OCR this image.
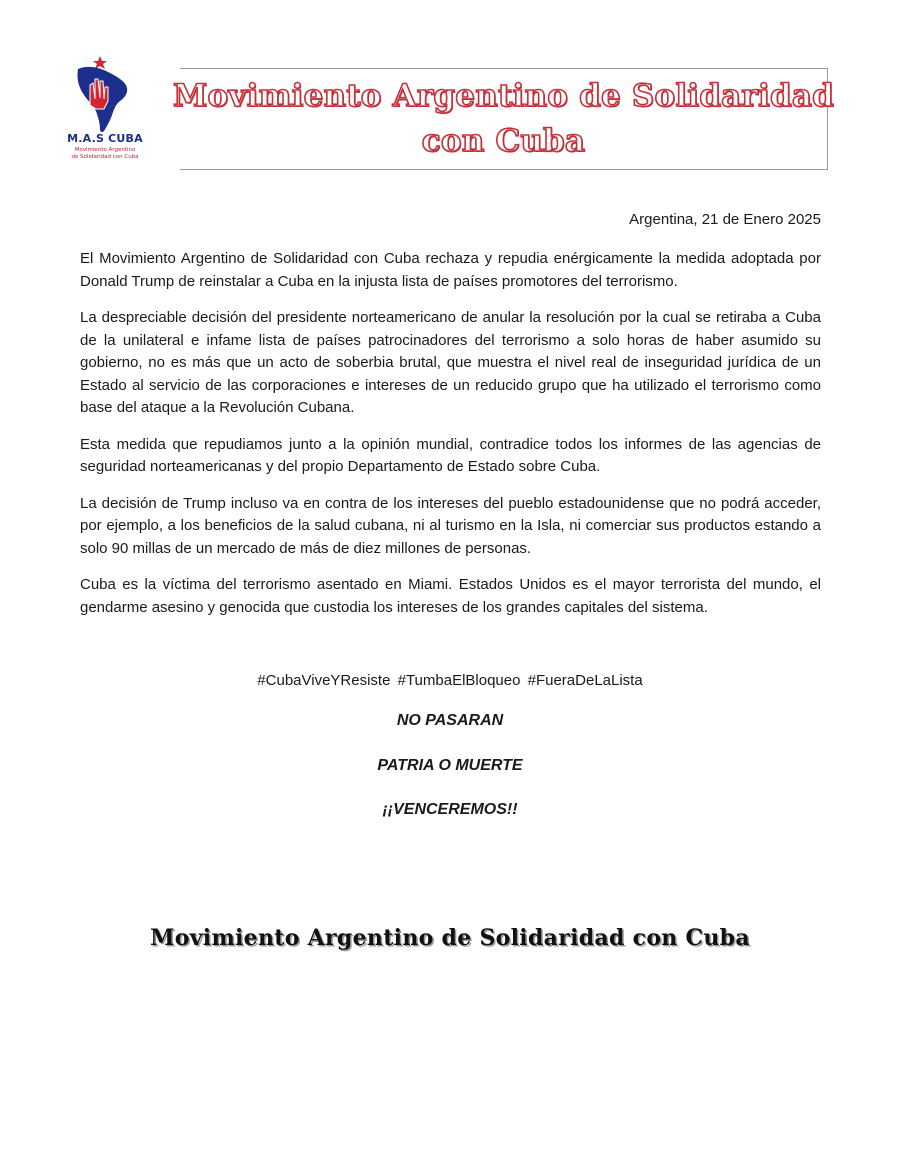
M.A.S CUBA
Movimiento Argentino
de Solidaridad con Cuba
Movimiento Argentino de Solidaridad
con Cuba
Argentina, 21 de Enero 2025

El Movimiento Argentino de Solidaridad con Cuba rechaza y repudia enérgicamente la medida adoptada por Donald Trump de reinstalar a Cuba en la injusta lista de países promotores del terrorismo.

La despreciable decisión del presidente norteamericano de anular la resolución por la cual se retiraba a Cuba de la unilateral e infame lista de países patrocinadores del terrorismo a solo horas de haber asumido su gobierno, no es más que un acto de soberbia brutal, que muestra el nivel real de inseguridad jurídica de un Estado al servicio de las corporaciones e intereses de un reducido grupo que ha utilizado el terrorismo como base del ataque a la Revolución Cubana.

Esta medida que repudiamos junto a la opinión mundial, contradice todos los informes de las agencias de seguridad norteamericanas y del propio Departamento de Estado sobre Cuba.

La decisión de Trump incluso va en contra de los intereses del pueblo estadounidense que no podrá acceder, por ejemplo, a los beneficios de la salud cubana, ni al turismo en la Isla, ni comerciar sus productos estando a solo 90 millas de un mercado de más de diez millones de personas.

Cuba es la víctima del terrorismo asentado en Miami. Estados Unidos es el mayor terrorista del mundo, el gendarme asesino y genocida que custodia los intereses de los grandes capitales del sistema.

#CubaViveYResiste #TumbaElBloqueo #FueraDeLaLista
NO PASARAN
PATRIA O MUERTE
¡¡VENCEREMOS!!
Movimiento Argentino de Solidaridad con Cuba
